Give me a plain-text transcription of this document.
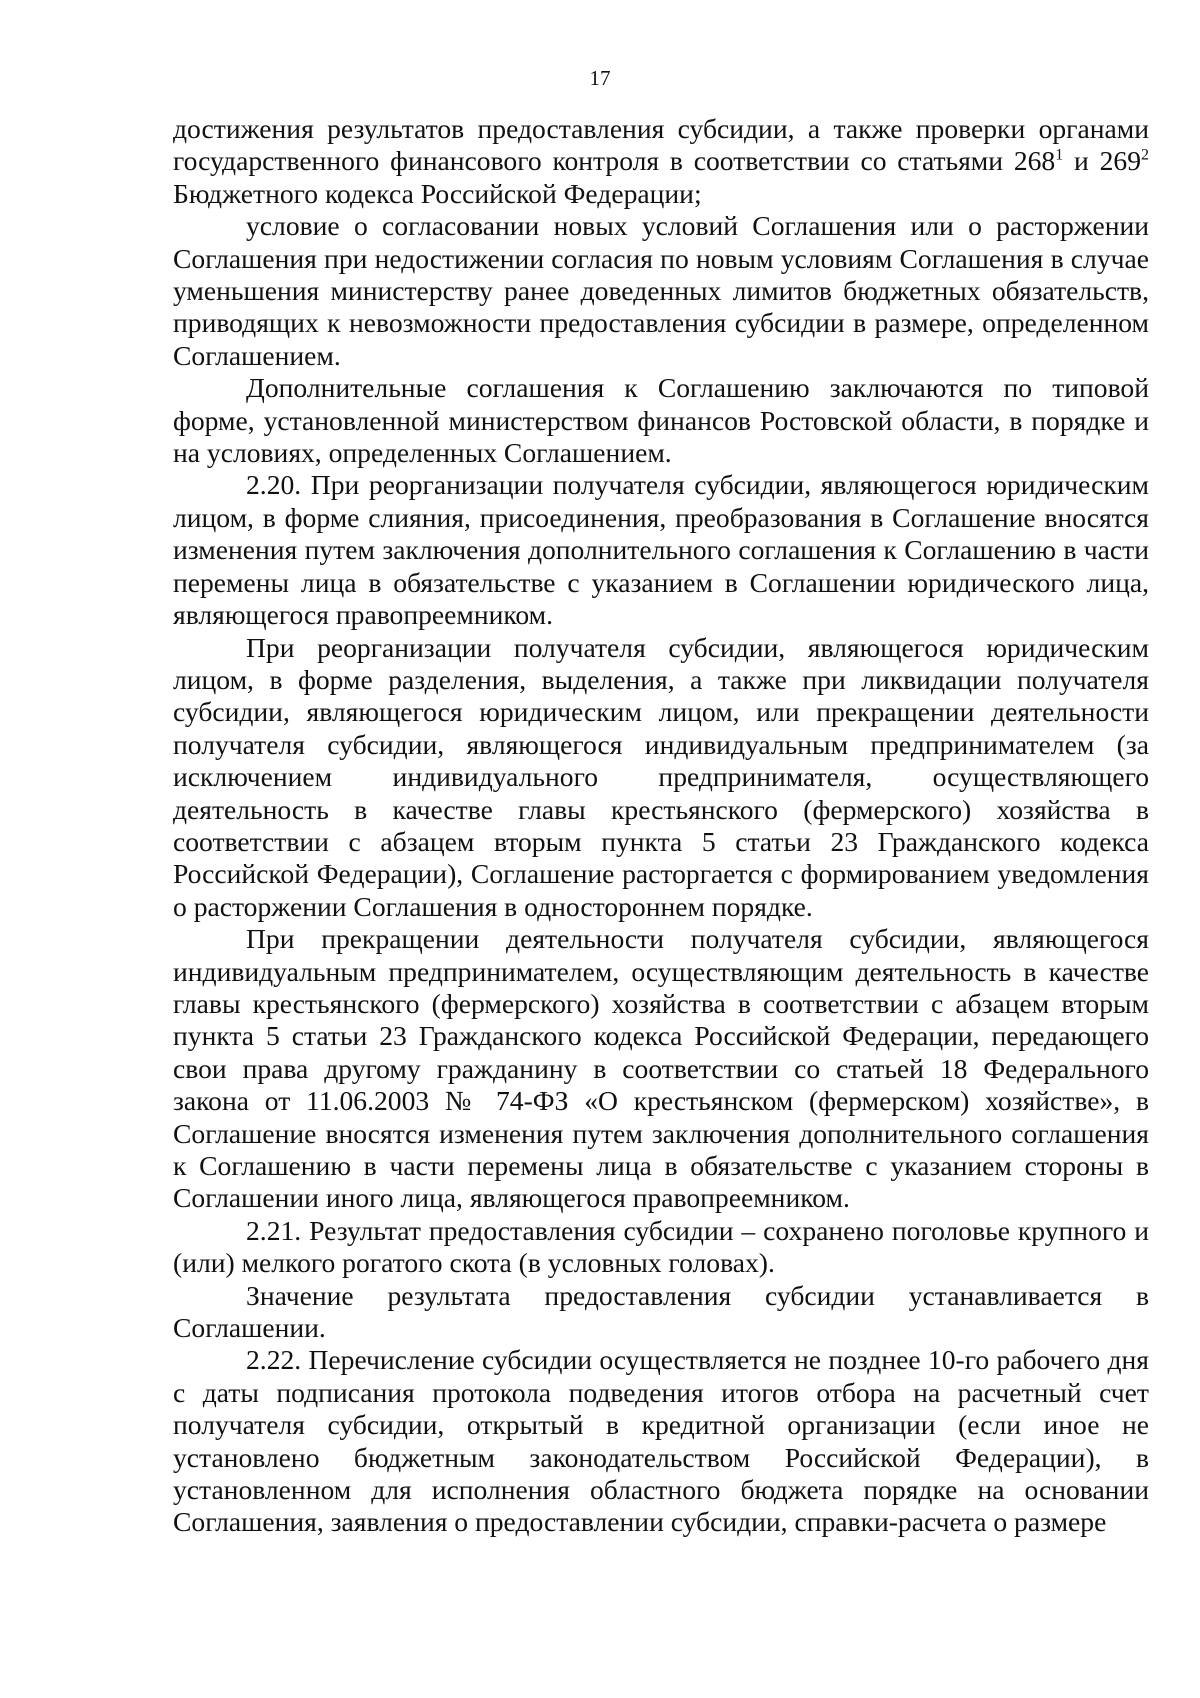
17

достижения результатов предоставления субсидии, а также проверки органами государственного финансового контроля в соответствии со статьями $268^1$ и $269^2$ Бюджетного кодекса Российской Федерации;

условие о согласовании новых условий Соглашения или о расторжении Соглашения при недостижении согласия по новым условиям Соглашения в случае уменьшения министерству ранее доведенных лимитов бюджетных обязательств, приводящих к невозможности предоставления субсидии в размере, определенном Соглашением.

Дополнительные соглашения к Соглашению заключаются по типовой форме, установленной министерством финансов Ростовской области, в порядке и на условиях, определенных Соглашением.

2.20. При реорганизации получателя субсидии, являющегося юридическим лицом, в форме слияния, присоединения, преобразования в Соглашение вносятся изменения путем заключения дополнительного соглашения к Соглашению в части перемены лица в обязательстве с указанием в Соглашении юридического лица, являющегося правопреемником.

При реорганизации получателя субсидии, являющегося юридическим лицом, в форме разделения, выделения, а также при ликвидации получателя субсидии, являющегося юридическим лицом, или прекращении деятельности получателя субсидии, являющегося индивидуальным предпринимателем (за исключением индивидуального предпринимателя, осуществляющего деятельность в качестве главы крестьянского (фермерского) хозяйства в соответствии с абзацем вторым пункта 5 статьи 23 Гражданского кодекса Российской Федерации), Соглашение расторгается с формированием уведомления о расторжении Соглашения в одностороннем порядке.

При прекращении деятельности получателя субсидии, являющегося индивидуальным предпринимателем, осуществляющим деятельность в качестве главы крестьянского (фермерского) хозяйства в соответствии с абзацем вторым пункта 5 статьи 23 Гражданского кодекса Российской Федерации, передающего свои права другому гражданину в соответствии со статьей 18 Федерального закона от 11.06.2003 № 74-ФЗ «О крестьянском (фермерском) хозяйстве», в Соглашение вносятся изменения путем заключения дополнительного соглашения к Соглашению в части перемены лица в обязательстве с указанием стороны в Соглашении иного лица, являющегося правопреемником.

2.21. Результат предоставления субсидии – сохранено поголовье крупного и (или) мелкого рогатого скота (в условных головах).

Значение результата предоставления субсидии устанавливается в Соглашении.

2.22. Перечисление субсидии осуществляется не позднее 10-го рабочего дня с даты подписания протокола подведения итогов отбора на расчетный счет получателя субсидии, открытый в кредитной организации (если иное не установлено бюджетным законодательством Российской Федерации), в установленном для исполнения областного бюджета порядке на основании Соглашения, заявления о предоставлении субсидии, справки-расчета о размере
